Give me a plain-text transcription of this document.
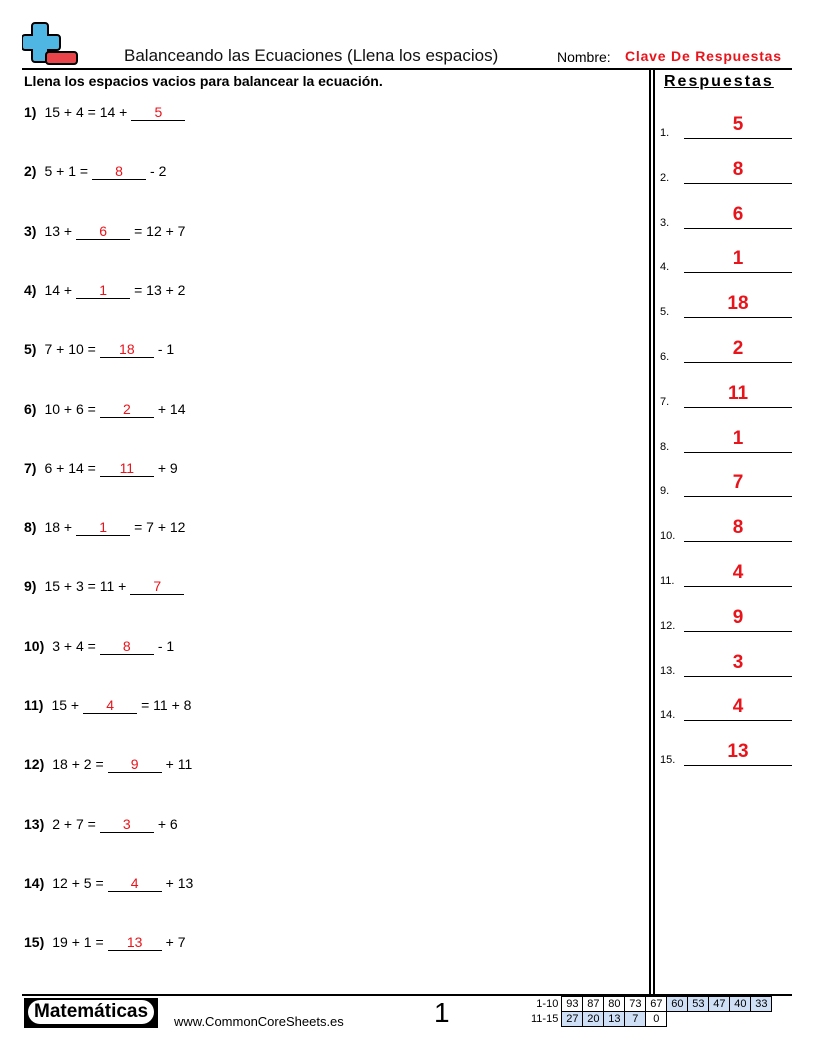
Balanceando las Ecuaciones (Llena los espacios)	Nombre: Clave De Respuestas
Llena los espacios vacios para balancear la ecuación.	Respuestas
1) 15 + 4 = 14 +	5
2) 5 + 1 =	8	- 2
3) 13 +	6	= 12 + 7
4) 14 +	1	= 13 + 2
5) 7 + 10 =	18	- 1
6) 10 + 6 =	2	+ 14
7) 6 + 14 =	11	+ 9
8) 18 +	1	= 7 + 12
9) 15 + 3 = 11 +	7
10) 3 + 4 =	8	- 1
11) 15 +	4	= 11 + 8
12) 18 + 2 =	9	+ 11
13) 2 + 7 =	3	+ 6
14) 12 + 5 =	4	+ 13
15) 19 + 1 =	13	+ 7
1.	5
2.	8
3.	6
4.	1
5.	18
6.	2
7.	11
8.	1
9.	7
10.	8
11.	4
12.	9
13.	3
14.	4
15.	13
Matemáticas	www.CommonCoreSheets.es	1	1-10	93	87	80	73	67	60	53	47	40	33
11-15	27	20	13	7	0					
